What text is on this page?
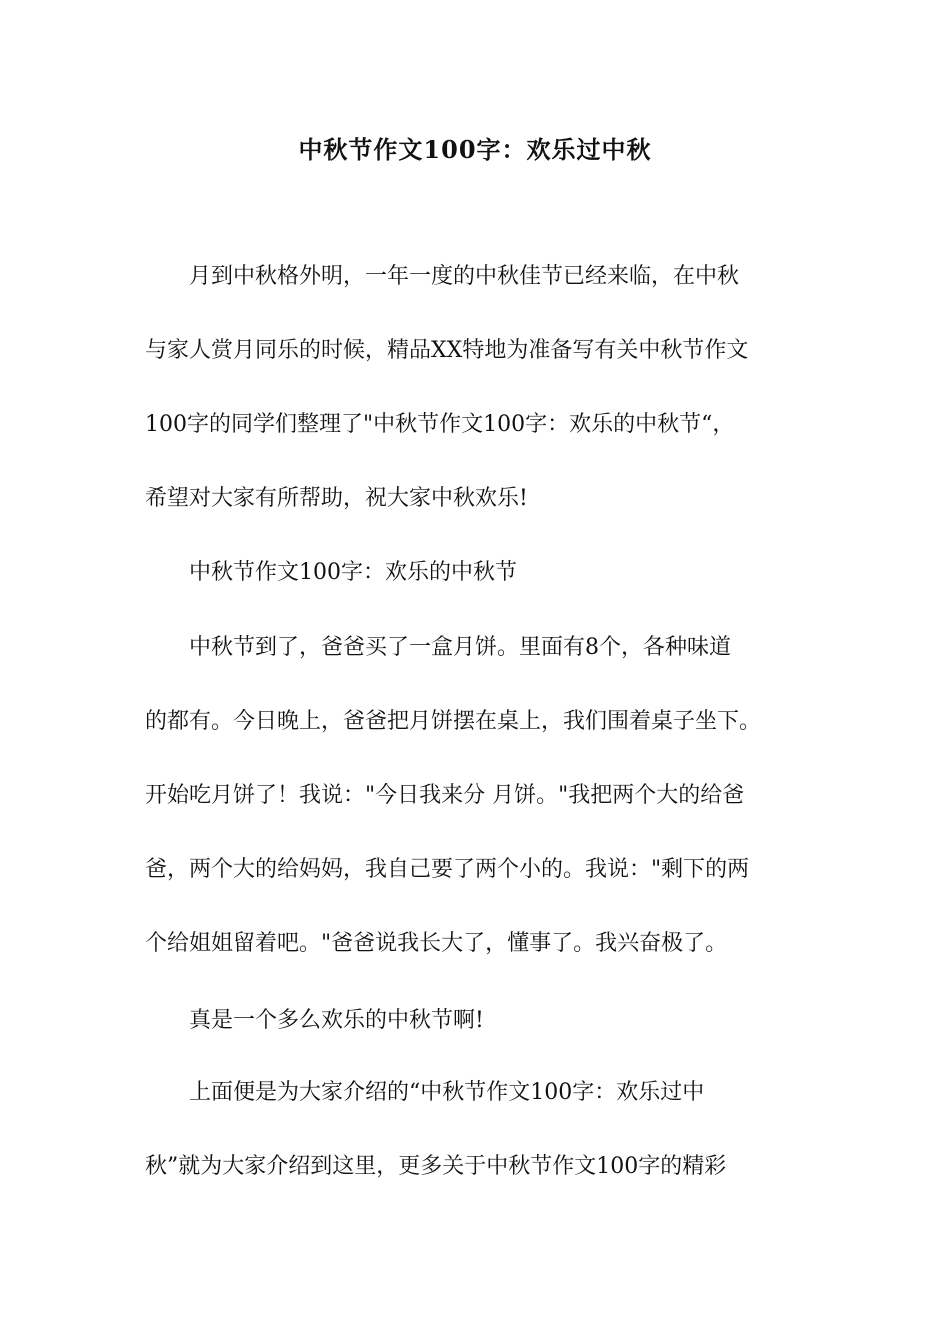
中秋节作文100字：欢乐过中秋
　　月到中秋格外明，一年一度的中秋佳节已经来临，在中秋
与家人赏月同乐的时候，精品XX特地为准备写有关中秋节作文
100字的同学们整理了"中秋节作文100字：欢乐的中秋节“，
希望对大家有所帮助，祝大家中秋欢乐!
　　中秋节作文100字：欢乐的中秋节
　　中秋节到了，爸爸买了一盒月饼。里面有8个，各种味道
的都有。今日晚上，爸爸把月饼摆在桌上，我们围着桌子坐下。
开始吃月饼了！我说："今日我来分 月饼。"我把两个大的给爸
爸，两个大的给妈妈，我自己要了两个小的。我说："剩下的两
个给姐姐留着吧。"爸爸说我长大了，懂事了。我兴奋极了。
　　真是一个多么欢乐的中秋节啊!
　　上面便是为大家介绍的“中秋节作文100字：欢乐过中
秋”就为大家介绍到这里，更多关于中秋节作文100字的精彩
